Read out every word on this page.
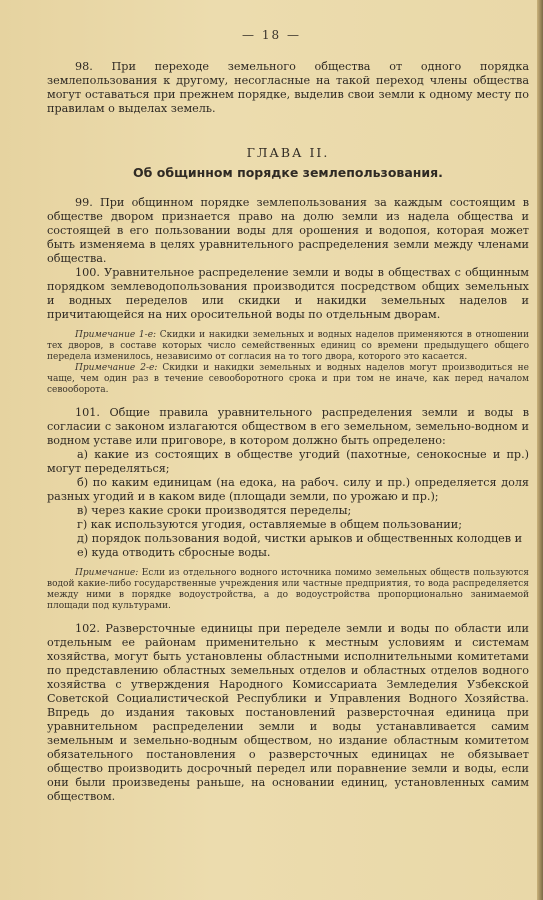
— 18 —

98. При переходе земельного общества от одного порядка землепользования к другому, несогласные на такой переход члены общества могут оставаться при прежнем порядке, выделив свои земли к одному месту по правилам о выделах земель.

ГЛАВА II.
Об общинном порядке землепользования.

99. При общинном порядке землепользования за каждым состоящим в обществе двором признается право на долю земли из надела общества и состоящей в его пользовании воды для орошения и водопоя, которая может быть изменяема в целях уравнительного распределения земли между членами общества.

100. Уравнительное распределение земли и воды в обществах с общинным порядком землеводопользования производится посредством общих земельных и водных переделов или скидки и накидки земельных наделов и причитающейся на них оросительной воды по отдельным дворам.

Примечание 1-е: Скидки и накидки земельных и водных наделов применяются в отношении тех дворов, в составе которых число семейственных единиц со времени предыдущего общего передела изменилось, независимо от согласия на то того двора, которого это касается.

Примечание 2-е: Скидки и накидки земельных и водных наделов могут производиться не чаще, чем один раз в течение севооборотного срока и при том не иначе, как перед началом севооборота.

101. Общие правила уравнительного распределения земли и воды в согласии с законом излагаются обществом в его земельном, земельно-водном и водном уставе или приговоре, в котором должно быть определено:

а) какие из состоящих в обществе угодий (пахотные, сенокосные и пр.) могут переделяться;

б) по каким единицам (на едока, на рабоч. силу и пр.) определяется доля разных угодий и в каком виде (площади земли, по урожаю и пр.);

в) через какие сроки производятся переделы;

г) как используются угодия, оставляемые в общем пользовании;

д) порядок пользования водой, чистки арыков и общественных колодцев и

е) куда отводить сбросные воды.

Примечание: Если из отдельного водного источника помимо земельных обществ пользуются водой какие-либо государственные учреждения или частные предприятия, то вода распределяется между ними в порядке водоустройства, а до водоустройства пропорционально занимаемой площади под культурами.

102. Разверсточные единицы при переделе земли и воды по области или отдельным ее районам применительно к местным условиям и системам хозяйства, могут быть установлены областными исполнительными комитетами по представлению областных земельных отделов и областных отделов водного хозяйства с утверждения Народного Комиссариата Земледелия Узбекской Советской Социалистической Республики и Управления Водного Хозяйства. Впредь до издания таковых постановлений разверсточная единица при уравнительном распределении земли и воды устанавливается самим земельным и земельно-водным обществом, но издание областным комитетом обязательного постановления о разверсточных единицах не обязывает общество производить досрочный передел или поравнение земли и воды, если они были произведены раньше, на основании единиц, установленных самим обществом.
